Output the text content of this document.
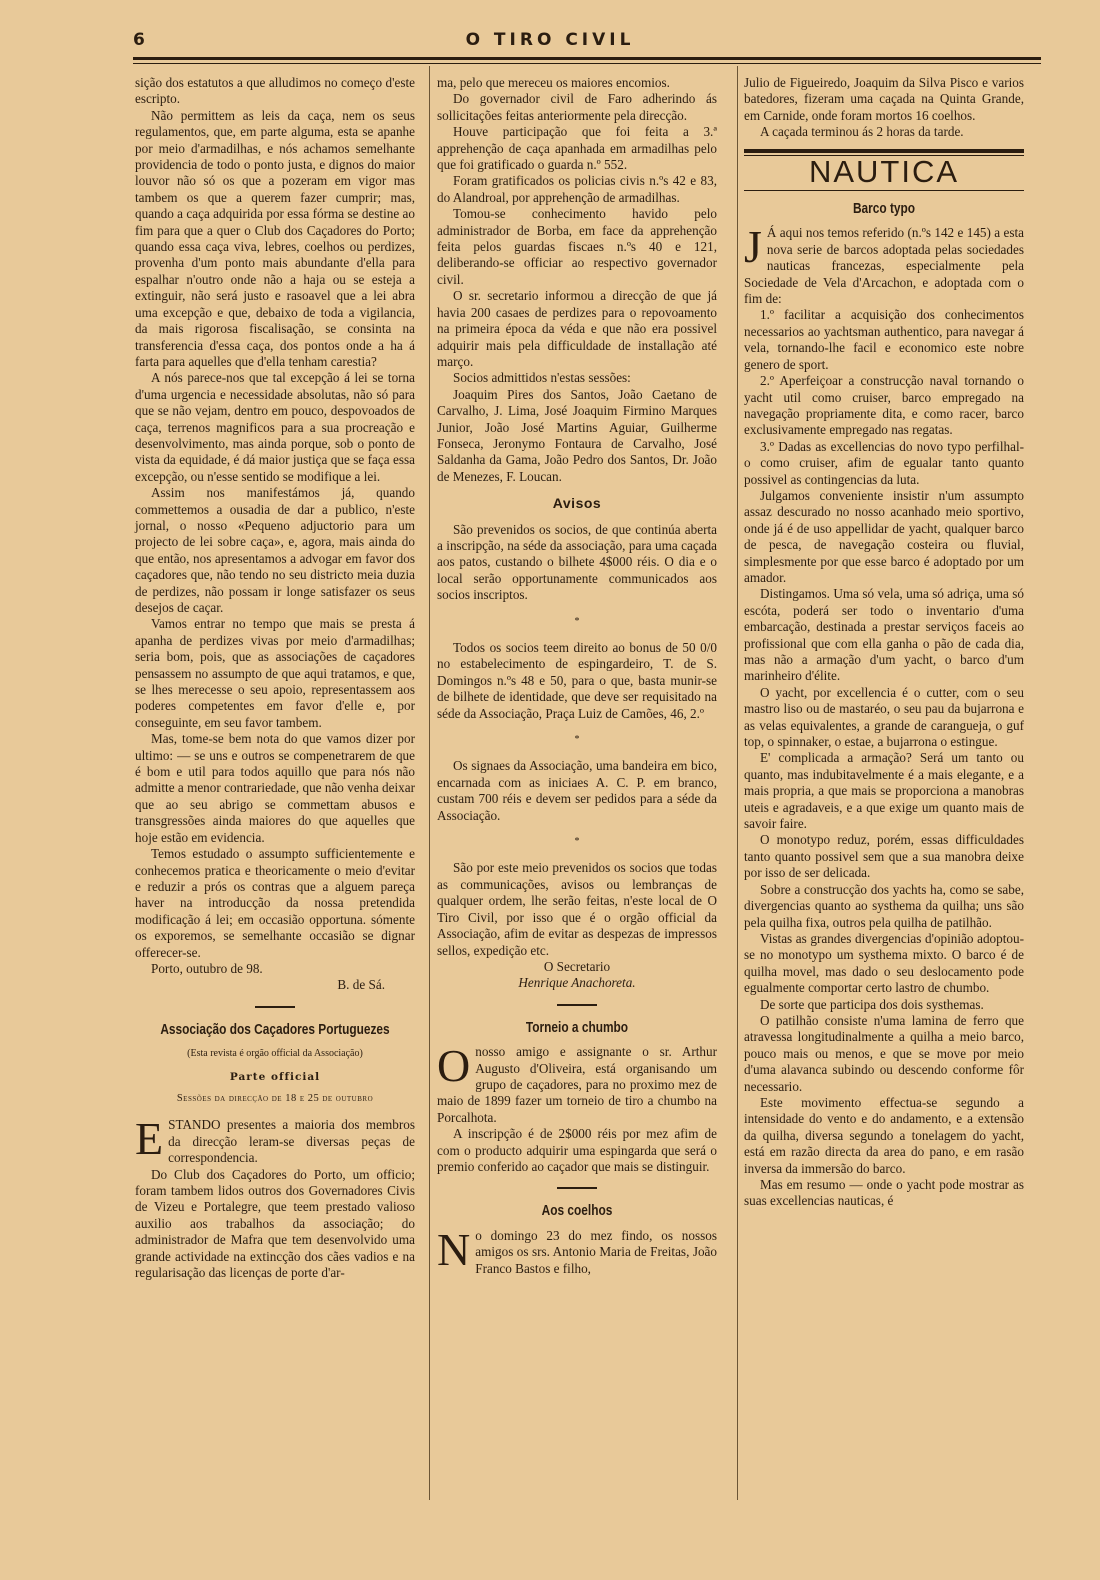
6	O TIRO CIVIL

sição dos estatutos a que alludimos no começo d'este escripto.

Não permittem as leis da caça, nem os seus regulamentos, que, em parte alguma, esta se apanhe por meio d'armadilhas, e nós achamos semelhante providencia de todo o ponto justa, e dignos do maior louvor não só os que a pozeram em vigor mas tambem os que a querem fazer cumprir; mas, quando a caça adquirida por essa fórma se destine ao fim para que a quer o Club dos Caçadores do Porto; quando essa caça viva, lebres, coelhos ou perdizes, provenha d'um ponto mais abundante d'ella para espalhar n'outro onde não a haja ou se esteja a extinguir, não será justo e rasoavel que a lei abra uma excepção e que, debaixo de toda a vigilancia, da mais rigorosa fiscalisação, se consinta na transferencia d'essa caça, dos pontos onde a ha á farta para aquelles que d'ella tenham carestia?

A nós parece-nos que tal excepção á lei se torna d'uma urgencia e necessidade absolutas, não só para que se não vejam, dentro em pouco, despovoados de caça, terrenos magnificos para a sua procreação e desenvolvimento, mas ainda porque, sob o ponto de vista da equidade, é dá maior justiça que se faça essa excepção, ou n'esse sentido se modifique a lei.

Assim nos manifestámos já, quando commettemos a ousadia de dar a publico, n'este jornal, o nosso «Pequeno adjuctorio para um projecto de lei sobre caça», e, agora, mais ainda do que então, nos apresentamos a advogar em favor dos caçadores que, não tendo no seu districto meia duzia de perdizes, não possam ir longe satisfazer os seus desejos de caçar.

Vamos entrar no tempo que mais se presta á apanha de perdizes vivas por meio d'armadilhas; seria bom, pois, que as associações de caçadores pensassem no assumpto de que aqui tratamos, e que, se lhes merecesse o seu apoio, representassem aos poderes competentes em favor d'elle e, por conseguinte, em seu favor tambem.

Mas, tome-se bem nota do que vamos dizer por ultimo: — se uns e outros se compenetrarem de que é bom e util para todos aquillo que para nós não admitte a menor contrariedade, que não venha deixar que ao seu abrigo se commettam abusos e transgressões ainda maiores do que aquelles que hoje estão em evidencia.

Temos estudado o assumpto sufficientemente e conhecemos pratica e theoricamente o meio d'evitar e reduzir a prós os contras que a alguem pareça haver na introducção da nossa pretendida modificação á lei; em occasião opportuna. sómente os exporemos, se semelhante occasião se dignar offerecer-se.

Porto, outubro de 98.

B. de Sá.
Associação dos Caçadores Portuguezes
(Esta revista é orgão official da Associação)
Parte official
Sessões da direcção de 18 e 25 de outubro

ESTANDO presentes a maioria dos membros da direcção leram-se diversas peças de correspondencia.

Do Club dos Caçadores do Porto, um officio; foram tambem lidos outros dos Governadores Civis de Vizeu e Portalegre, que teem prestado valioso auxilio aos trabalhos da associação; do administrador de Mafra que tem desenvolvido uma grande actividade na extincção dos cães vadios e na regularisação das licenças de porte d'ar-

ma, pelo que mereceu os maiores encomios.

Do governador civil de Faro adherindo ás sollicitações feitas anteriormente pela direcção.

Houve participação que foi feita a 3.ª apprehenção de caça apanhada em armadilhas pelo que foi gratificado o guarda n.º 552.

Foram gratificados os policias civis n.ºs 42 e 83, do Alandroal, por apprehenção de armadilhas.

Tomou-se conhecimento havido pelo administrador de Borba, em face da apprehenção feita pelos guardas fiscaes n.ºs 40 e 121, deliberando-se officiar ao respectivo governador civil.

O sr. secretario informou a direcção de que já havia 200 casaes de perdizes para o repovoamento na primeira época da véda e que não era possivel adquirir mais pela difficuldade de installação até março.

Socios admittidos n'estas sessões:

Joaquim Pires dos Santos, João Caetano de Carvalho, J. Lima, José Joaquim Firmino Marques Junior, João José Martins Aguiar, Guilherme Fonseca, Jeronymo Fontaura de Carvalho, José Saldanha da Gama, João Pedro dos Santos, Dr. João de Menezes, F. Loucan.

Avisos

São prevenidos os socios, de que continúa aberta a inscripção, na séde da associação, para uma caçada aos patos, custando o bilhete 4$000 réis. O dia e o local serão opportunamente communicados aos socios inscriptos.

*

Todos os socios teem direito ao bonus de 50 0/0 no estabelecimento de espingardeiro, T. de S. Domingos n.ºs 48 e 50, para o que, basta munir-se de bilhete de identidade, que deve ser requisitado na séde da Associação, Praça Luiz de Camões, 46, 2.º

*

Os signaes da Associação, uma bandeira em bico, encarnada com as iniciaes A. C. P. em branco, custam 700 réis e devem ser pedidos para a séde da Associação.

*

São por este meio prevenidos os socios que todas as communicações, avisos ou lembranças de qualquer ordem, lhe serão feitas, n'este local de O Tiro Civil, por isso que é o orgão official da Associação, afim de evitar as despezas de impressos sellos, expedição etc.

O Secretario
Henrique Anachoreta.
Torneio a chumbo

Onosso amigo e assignante o sr. Arthur Augusto d'Oliveira, está organisando um grupo de caçadores, para no proximo mez de maio de 1899 fazer um torneio de tiro a chumbo na Porcalhota.

A inscripção é de 2$000 réis por mez afim de com o producto adquirir uma espingarda que será o premio conferido ao caçador que mais se distinguir.

Aos coelhos

No domingo 23 do mez findo, os nossos amigos os srs. Antonio Maria de Freitas, João Franco Bastos e filho,

Julio de Figueiredo, Joaquim da Silva Pisco e varios batedores, fizeram uma caçada na Quinta Grande, em Carnide, onde foram mortos 16 coelhos.

A caçada terminou ás 2 horas da tarde.

NAUTICA
Barco typo

J Á aqui nos temos referido (n.ºs 142 e 145) a esta nova serie de barcos adoptada pelas sociedades nauticas francezas, especialmente pela Sociedade de Vela d'Arcachon, e adoptada com o fim de:

1.º facilitar a acquisição dos conhecimentos necessarios ao yachtsman authentico, para navegar á vela, tornando-lhe facil e economico este nobre genero de sport.

2.º Aperfeiçoar a construcção naval tornando o yacht util como cruiser, barco empregado na navegação propriamente dita, e como racer, barco exclusivamente empregado nas regatas.

3.º Dadas as excellencias do novo typo perfilhal-o como cruiser, afim de egualar tanto quanto possivel as contingencias da luta.

Julgamos conveniente insistir n'um assumpto assaz descurado no nosso acanhado meio sportivo, onde já é de uso appellidar de yacht, qualquer barco de pesca, de navegação costeira ou fluvial, simplesmente por que esse barco é adoptado por um amador.

Distingamos. Uma só vela, uma só adriça, uma só escóta, poderá ser todo o inventario d'uma embarcação, destinada a prestar serviços faceis ao profissional que com ella ganha o pão de cada dia, mas não a armação d'um yacht, o barco d'um marinheiro d'élite.

O yacht, por excellencia é o cutter, com o seu mastro liso ou de mastaréo, o seu pau da bujarrona e as velas equivalentes, a grande de carangueja, o guf top, o spinnaker, o estae, a bujarrona o estingue.

E' complicada a armação? Será um tanto ou quanto, mas indubitavelmente é a mais elegante, e a mais propria, a que mais se proporciona a manobras uteis e agradaveis, e a que exige um quanto mais de savoir faire.

O monotypo reduz, porém, essas difficuldades tanto quanto possivel sem que a sua manobra deixe por isso de ser delicada.

Sobre a construcção dos yachts ha, como se sabe, divergencias quanto ao systhema da quilha; uns são pela quilha fixa, outros pela quilha de patilhão.

Vistas as grandes divergencias d'opinião adoptou-se no monotypo um systhema mixto. O barco é de quilha movel, mas dado o seu deslocamento pode egualmente comportar certo lastro de chumbo.

De sorte que participa dos dois systhemas.

O patilhão consiste n'uma lamina de ferro que atravessa longitudinalmente a quilha a meio barco, pouco mais ou menos, e que se move por meio d'uma alavanca subindo ou descendo conforme fôr necessario.

Este movimento effectua-se segundo a intensidade do vento e do andamento, e a extensão da quilha, diversa segundo a tonelagem do yacht, está em razão directa da area do pano, e em rasão inversa da immersão do barco.

Mas em resumo — onde o yacht pode mostrar as suas excellencias nauticas, é
